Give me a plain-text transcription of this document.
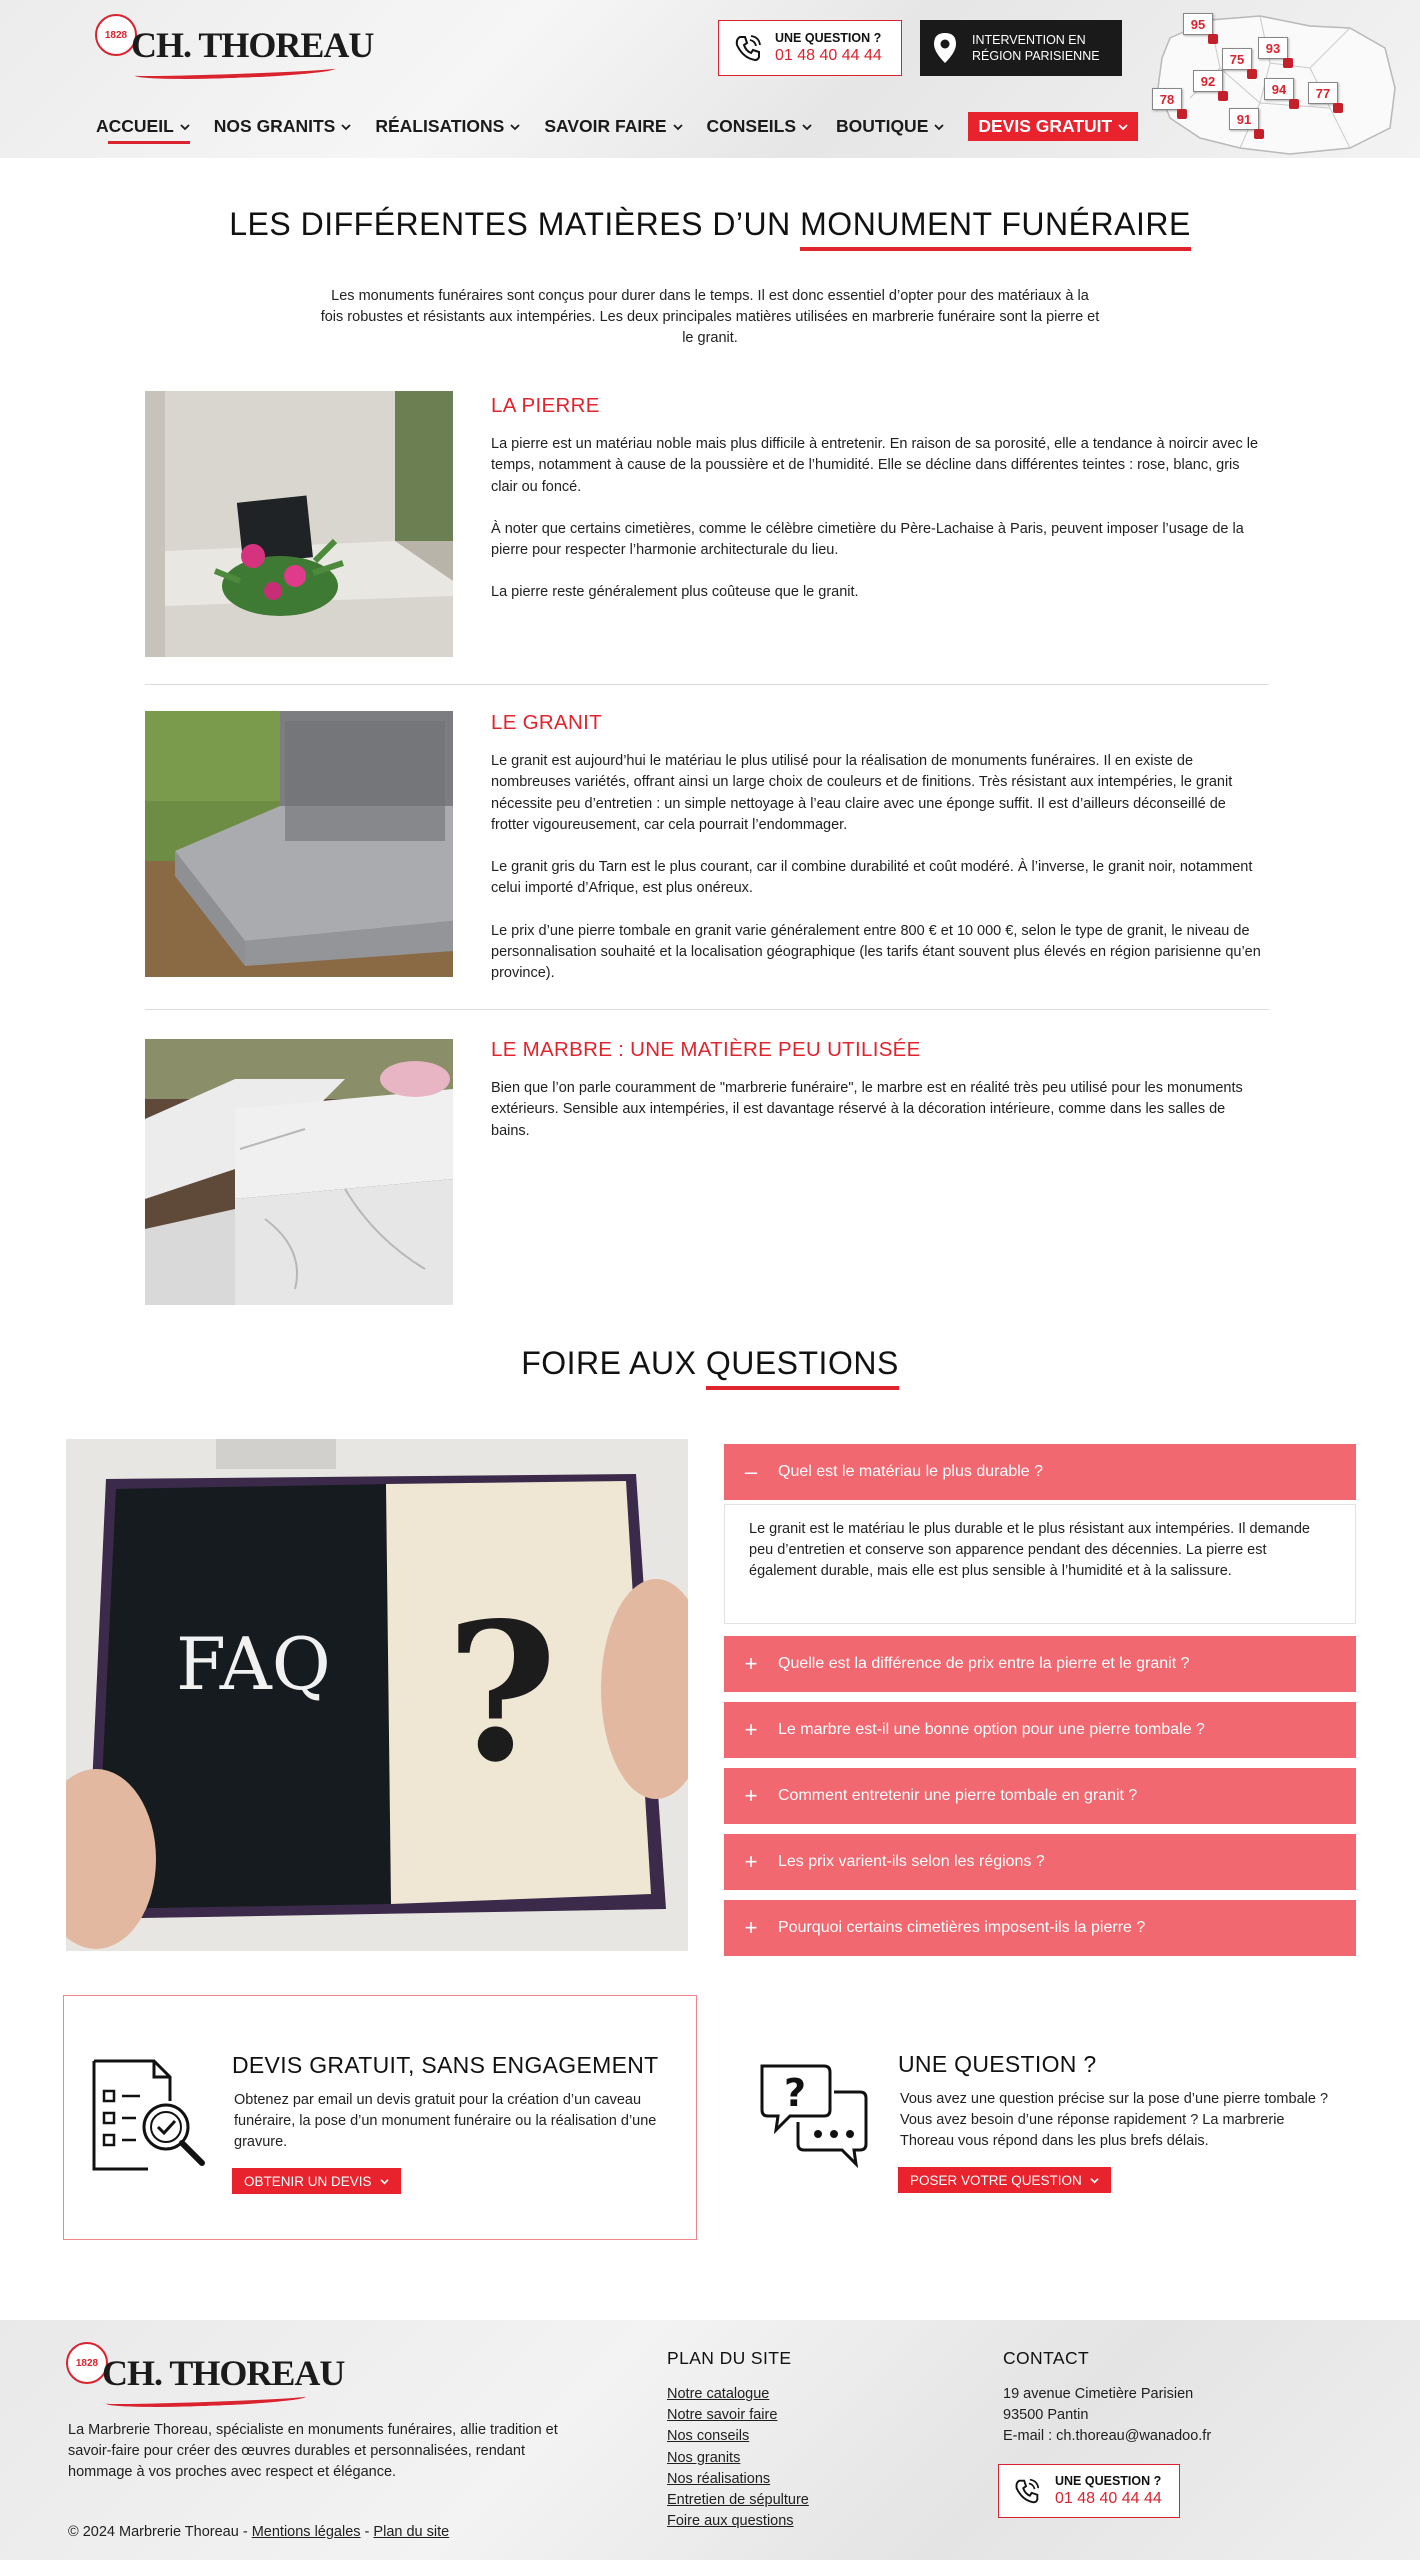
1828 CH. THOREAU	UNE QUESTION ?
01 48 40 44 44
INTERVENTION EN
RÉGION PARISIENNE
95
93
75
92
94	77
78
91
ACCUEIL NOS GRANITS RÉALISATIONS SAVOIR FAIRE CONSEILS BOUTIQUE	DEVIS GRATUIT
LES DIFFÉRENTES MATIÈRES D’UN MONUMENT FUNÉRAIRE
Les monuments funéraires sont conçus pour durer dans le temps. Il est donc essentiel d’opter pour des matériaux à la fois robustes et résistants aux intempéries. Les deux principales matières utilisées en marbrerie funéraire sont la pierre et le granit.
LA PIERRE

La pierre est un matériau noble mais plus difficile à entretenir. En raison de sa porosité, elle a tendance à noircir avec le temps, notamment à cause de la poussière et de l’humidité. Elle se décline dans différentes teintes : rose, blanc, gris clair ou foncé.

À noter que certains cimetières, comme le célèbre cimetière du Père-Lachaise à Paris, peuvent imposer l’usage de la pierre pour respecter l’harmonie architecturale du lieu.

La pierre reste généralement plus coûteuse que le granit.

LE GRANIT

Le granit est aujourd’hui le matériau le plus utilisé pour la réalisation de monuments funéraires. Il en existe de nombreuses variétés, offrant ainsi un large choix de couleurs et de finitions. Très résistant aux intempéries, le granit nécessite peu d’entretien : un simple nettoyage à l’eau claire avec une éponge suffit. Il est d’ailleurs déconseillé de frotter vigoureusement, car cela pourrait l’endommager.

Le granit gris du Tarn est le plus courant, car il combine durabilité et coût modéré. À l’inverse, le granit noir, notamment celui importé d’Afrique, est plus onéreux.

Le prix d’une pierre tombale en granit varie généralement entre 800 € et 10 000 €, selon le type de granit, le niveau de personnalisation souhaité et la localisation géographique (les tarifs étant souvent plus élevés en région parisienne qu’en province).

LE MARBRE : UNE MATIÈRE PEU UTILISÉE

Bien que l’on parle couramment de "marbrerie funéraire", le marbre est en réalité très peu utilisé pour les monuments extérieurs. Sensible aux intempéries, il est davantage réservé à la décoration intérieure, comme dans les salles de bains.

FOIRE AUX QUESTIONS
FAQ ?
– Quel est le matériau le plus durable ?
Le granit est le matériau le plus durable et le plus résistant aux intempéries. Il demande peu d’entretien et conserve son apparence pendant des décennies. La pierre est également durable, mais elle est plus sensible à l’humidité et à la salissure.
+ Quelle est la différence de prix entre la pierre et le granit ?
+ Le marbre est-il une bonne option pour une pierre tombale ?
+ Comment entretenir une pierre tombale en granit ?
+ Les prix varient-ils selon les régions ?
+ Pourquoi certains cimetières imposent-ils la pierre ?
DEVIS GRATUIT, SANS ENGAGEMENT
Obtenez par email un devis gratuit pour la création d’un caveau funéraire, la pose d’un monument funéraire ou la réalisation d’une gravure.
OBTENIR UN DEVIS
?
UNE QUESTION ?
Vous avez une question précise sur la pose d’une pierre tombale ? Vous avez besoin d’une réponse rapidement ? La marbrerie Thoreau vous répond dans les plus brefs délais.
POSER VOTRE QUESTION
1828 CH. THOREAU
La Marbrerie Thoreau, spécialiste en monuments funéraires, allie tradition et savoir-faire pour créer des œuvres durables et personnalisées, rendant hommage à vos proches avec respect et élégance.
© 2024 Marbrerie Thoreau - Mentions légales - Plan du site
PLAN DU SITE
Notre catalogue
Notre savoir faire
Nos conseils
Nos granits
Nos réalisations
Entretien de sépulture
Foire aux questions
CONTACT
19 avenue Cimetière Parisien
93500 Pantin
E-mail : ch.thoreau@wanadoo.fr
UNE QUESTION ?
01 48 40 44 44
